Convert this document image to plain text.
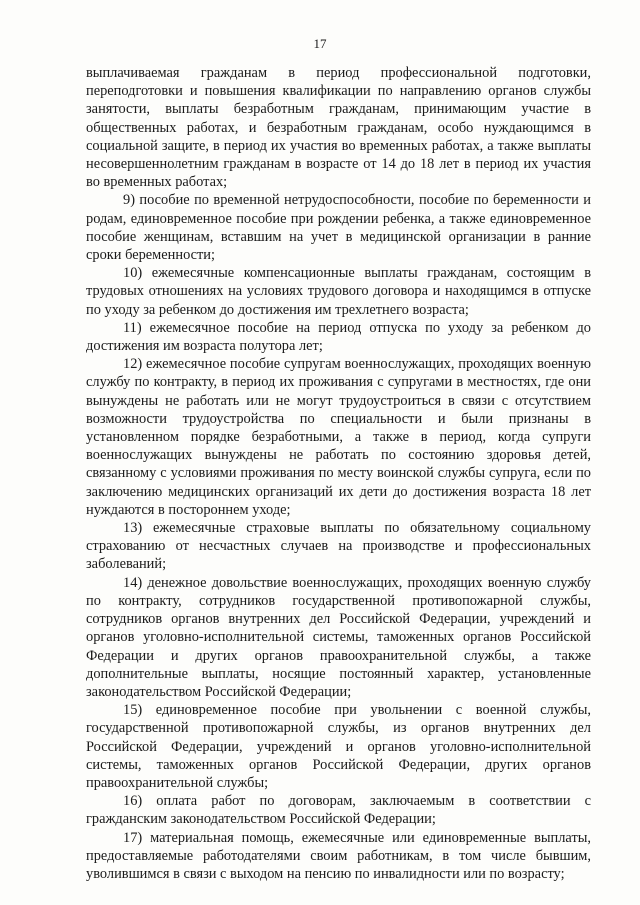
17

выплачиваемая гражданам в период профессиональной подготовки, переподготовки и повышения квалификации по направлению органов службы занятости, выплаты безработным гражданам, принимающим участие в общественных работах, и безработным гражданам, особо нуждающимся в социальной защите, в период их участия во временных работах, а также выплаты несовершеннолетним гражданам в возрасте от 14 до 18 лет в период их участия во временных работах;

9) пособие по временной нетрудоспособности, пособие по беременности и родам, единовременное пособие при рождении ребенка, а также единовременное пособие женщинам, вставшим на учет в медицинской организации в ранние сроки беременности;

10) ежемесячные компенсационные выплаты гражданам, состоящим в трудовых отношениях на условиях трудового договора и находящимся в отпуске по уходу за ребенком до достижения им трехлетнего возраста;

11) ежемесячное пособие на период отпуска по уходу за ребенком до достижения им возраста полутора лет;

12) ежемесячное пособие супругам военнослужащих, проходящих военную службу по контракту, в период их проживания с супругами в местностях, где они вынуждены не работать или не могут трудоустроиться в связи с отсутствием возможности трудоустройства по специальности и были признаны в установленном порядке безработными, а также в период, когда супруги военнослужащих вынуждены не работать по состоянию здоровья детей, связанному с условиями проживания по месту воинской службы супруга, если по заключению медицинских организаций их дети до достижения возраста 18 лет нуждаются в постороннем уходе;

13) ежемесячные страховые выплаты по обязательному социальному страхованию от несчастных случаев на производстве и профессиональных заболеваний;

14) денежное довольствие военнослужащих, проходящих военную службу по контракту, сотрудников государственной противопожарной службы, сотрудников органов внутренних дел Российской Федерации, учреждений и органов уголовно-исполнительной системы, таможенных органов Российской Федерации и других органов правоохранительной службы, а также дополнительные выплаты, носящие постоянный характер, установленные законодательством Российской Федерации;

15) единовременное пособие при увольнении с военной службы, государственной противопожарной службы, из органов внутренних дел Российской Федерации, учреждений и органов уголовно-исполнительной системы, таможенных органов Российской Федерации, других органов правоохранительной службы;

16) оплата работ по договорам, заключаемым в соответствии с гражданским законодательством Российской Федерации;

17) материальная помощь, ежемесячные или единовременные выплаты, предоставляемые работодателями своим работникам, в том числе бывшим, уволившимся в связи с выходом на пенсию по инвалидности или по возрасту;
